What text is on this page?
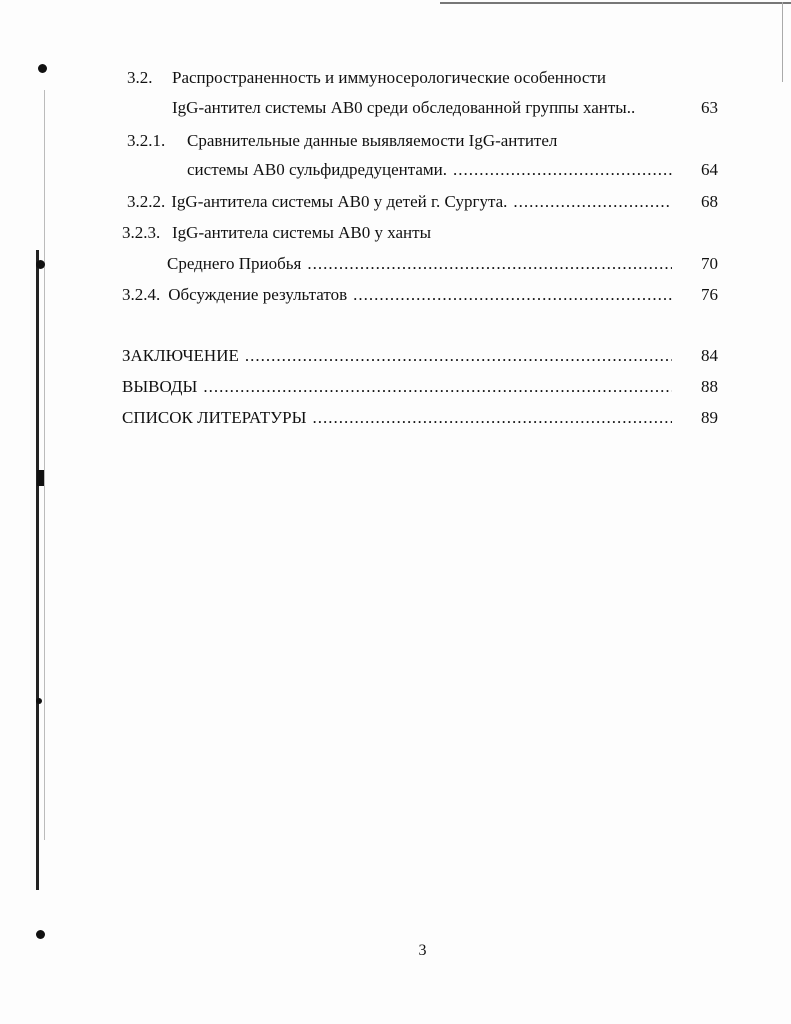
3.2. Распространенность и иммуносерологические особенности
IgG-антител системы АВ0 среди обследованной группы ханты..	63
3.2.1. Сравнительные данные выявляемости IgG-антител
системы АВ0 сульфидредуцентами. .....	64
3.2.2. IgG-антитела системы АВ0 у детей г. Сургута. .....	68
3.2.3. IgG-антитела системы АВ0 у ханты
Среднего Приобья .....	70
3.2.4. Обсуждение результатов .....	76
ЗАКЛЮЧЕНИЕ .....	84
ВЫВОДЫ .....	88
СПИСОК ЛИТЕРАТУРЫ .....	89
3
